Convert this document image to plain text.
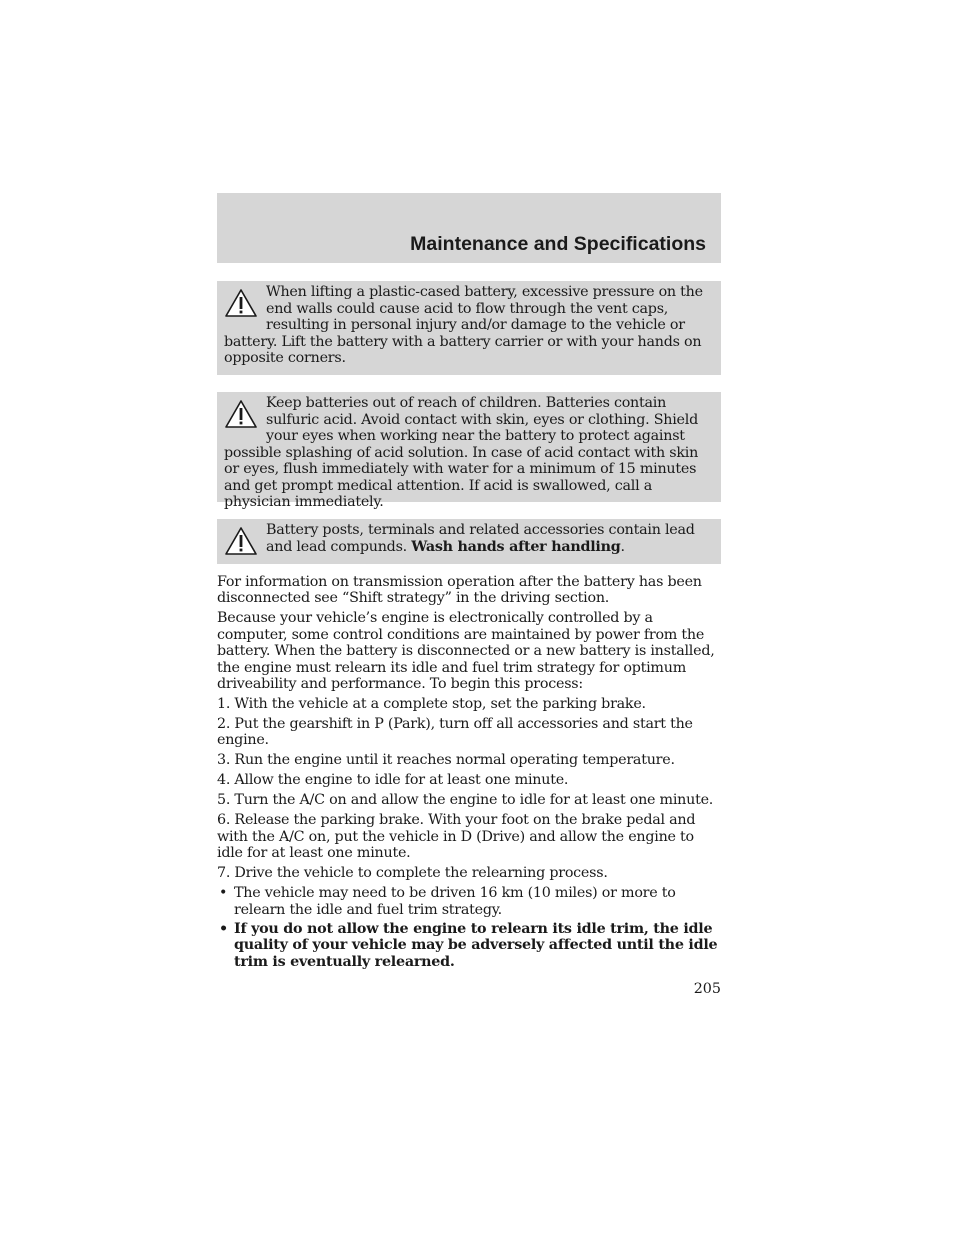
Maintenance and Specifications
When lifting a plastic-cased battery, excessive pressure on the end walls could cause acid to flow through the vent caps, resulting in personal injury and/or damage to the vehicle or battery. Lift the battery with a battery carrier or with your hands on opposite corners.
Keep batteries out of reach of children. Batteries contain sulfuric acid. Avoid contact with skin, eyes or clothing. Shield your eyes when working near the battery to protect against possible splashing of acid solution. In case of acid contact with skin or eyes, flush immediately with water for a minimum of 15 minutes and get prompt medical attention. If acid is swallowed, call a physician immediately.
Battery posts, terminals and related accessories contain lead and lead compunds. Wash hands after handling.

For information on transmission operation after the battery has been disconnected see “Shift strategy” in the driving section.

Because your vehicle’s engine is electronically controlled by a computer, some control conditions are maintained by power from the battery. When the battery is disconnected or a new battery is installed, the engine must relearn its idle and fuel trim strategy for optimum driveability and performance. To begin this process:

1. With the vehicle at a complete stop, set the parking brake.

2. Put the gearshift in P (Park), turn off all accessories and start the engine.

3. Run the engine until it reaches normal operating temperature.

4. Allow the engine to idle for at least one minute.

5. Turn the A/C on and allow the engine to idle for at least one minute.

6. Release the parking brake. With your foot on the brake pedal and with the A/C on, put the vehicle in D (Drive) and allow the engine to idle for at least one minute.

7. Drive the vehicle to complete the relearning process.

• The vehicle may need to be driven 16 km (10 miles) or more to relearn the idle and fuel trim strategy.
• If you do not allow the engine to relearn its idle trim, the idle quality of your vehicle may be adversely affected until the idle trim is eventually relearned.
205
